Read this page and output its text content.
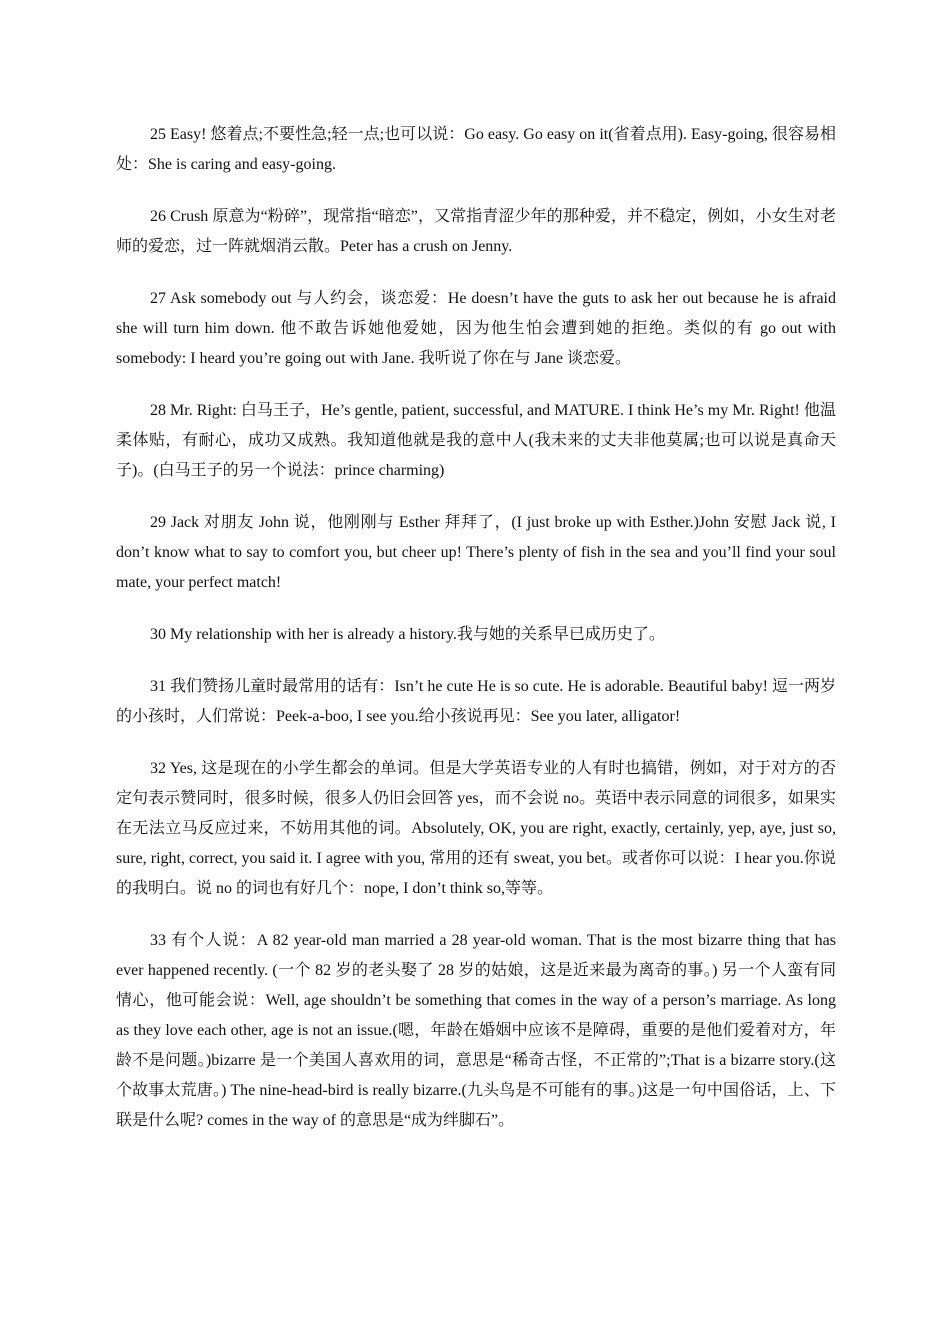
25 Easy! 悠着点;不要性急;轻一点;也可以说：Go easy. Go easy on it(省着点用). Easy-going, 很容易相处：She is caring and easy-going.

26 Crush 原意为“粉碎”，现常指“暗恋”，又常指青涩少年的那种爱，并不稳定，例如，小女生对老师的爱恋，过一阵就烟消云散。Peter has a crush on Jenny.

27 Ask somebody out 与人约会，谈恋爱：He doesn’t have the guts to ask her out because he is afraid she will turn him down. 他不敢告诉她他爱她，因为他生怕会遭到她的拒绝。类似的有 go out with somebody: I heard you’re going out with Jane. 我听说了你在与 Jane 谈恋爱。

28 Mr. Right: 白马王子，He’s gentle, patient, successful, and MATURE. I think He’s my Mr. Right! 他温柔体贴，有耐心，成功又成熟。我知道他就是我的意中人(我未来的丈夫非他莫属;也可以说是真命天子)。(白马王子的另一个说法：prince charming)

29 Jack 对朋友 John 说，他刚刚与 Esther 拜拜了，(I just broke up with Esther.)John 安慰 Jack 说, I don’t know what to say to comfort you, but cheer up! There’s plenty of fish in the sea and you’ll find your soul mate, your perfect match!

30 My relationship with her is already a history.我与她的关系早已成历史了。

31 我们赞扬儿童时最常用的话有：Isn’t he cute He is so cute. He is adorable. Beautiful baby! 逗一两岁的小孩时，人们常说：Peek-a-boo, I see you.给小孩说再见：See you later, alligator!

32 Yes, 这是现在的小学生都会的单词。但是大学英语专业的人有时也搞错，例如，对于对方的否定句表示赞同时，很多时候，很多人仍旧会回答 yes，而不会说 no。英语中表示同意的词很多，如果实在无法立马反应过来，不妨用其他的词。Absolutely, OK, you are right, exactly, certainly, yep, aye, just so, sure, right, correct, you said it. I agree with you, 常用的还有 sweat, you bet。或者你可以说：I hear you.你说的我明白。说 no 的词也有好几个：nope, I don’t think so,等等。

33 有个人说：A 82 year-old man married a 28 year-old woman. That is the most bizarre thing that has ever happened recently. (一个 82 岁的老头娶了 28 岁的姑娘，这是近来最为离奇的事。) 另一个人蛮有同情心，他可能会说：Well, age shouldn’t be something that comes in the way of a person’s marriage. As long as they love each other, age is not an issue.(嗯，年龄在婚姻中应该不是障碍，重要的是他们爱着对方，年龄不是问题。)bizarre 是一个美国人喜欢用的词，意思是“稀奇古怪，不正常的”;That is a bizarre story.(这个故事太荒唐。) The nine-head-bird is really bizarre.(九头鸟是不可能有的事。)这是一句中国俗话，上、下联是什么呢? comes in the way of 的意思是“成为绊脚石”。
